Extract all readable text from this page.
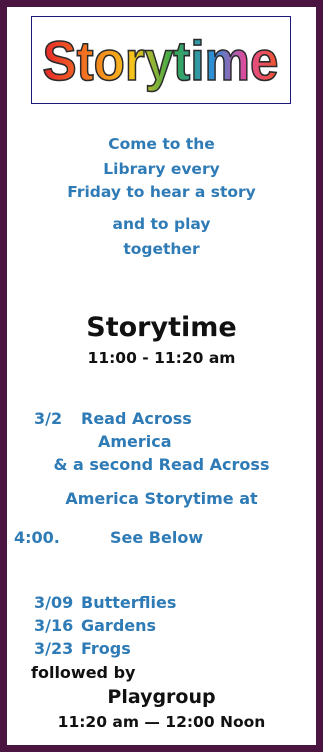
Storytime
Come to the
Library every
Friday to hear a story
and to play
together
Storytime
11:00 - 11:20 am
3/2 Read Across
America
& a second Read Across
America Storytime at
4:00.	See Below
3/09 Butterflies
3/16 Gardens
3/23 Frogs
followed by
Playgroup
11:20 am — 12:00 Noon
